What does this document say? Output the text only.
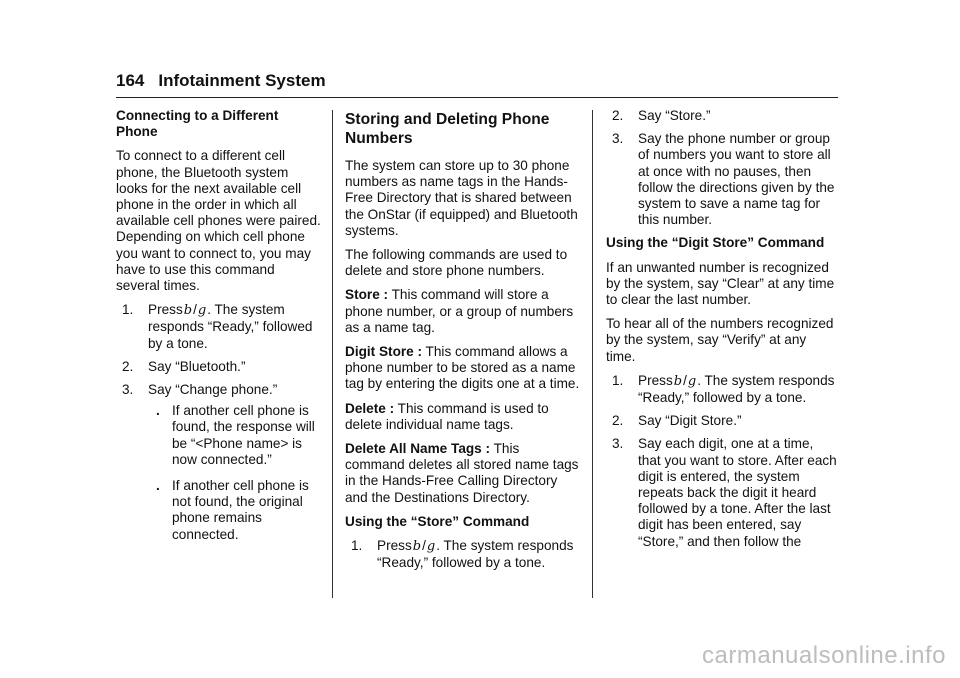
164 Infotainment System

Connecting to a Different Phone

To connect to a different cell phone, the Bluetooth system looks for the next available cell phone in the order in which all available cell phones were paired. Depending on which cell phone you want to connect to, you may have to use this command several times.

1. Pressb/g. The system responds “Ready,” followed by a tone.
2. Say “Bluetooth.”
3. Say “Change phone.”
. If another cell phone is found, the response will be “<Phone name> is now connected.”
. If another cell phone is not found, the original phone remains connected.
Storing and Deleting Phone Numbers

The system can store up to 30 phone numbers as name tags in the Hands-Free Directory that is shared between the OnStar (if equipped) and Bluetooth systems.

The following commands are used to delete and store phone numbers.

Store : This command will store a phone number, or a group of numbers as a name tag.

Digit Store : This command allows a phone number to be stored as a name tag by entering the digits one at a time.

Delete : This command is used to delete individual name tags.

Delete All Name Tags : This command deletes all stored name tags in the Hands-Free Calling Directory and the Destinations Directory.

Using the “Store” Command

1. Pressb/g. The system responds “Ready,” followed by a tone.
2. Say “Store.”
3. Say the phone number or group of numbers you want to store all at once with no pauses, then follow the directions given by the system to save a name tag for this number.

Using the “Digit Store” Command

If an unwanted number is recognized by the system, say “Clear” at any time to clear the last number.

To hear all of the numbers recognized by the system, say “Verify” at any time.

1. Pressb/g. The system responds “Ready,” followed by a tone.
2. Say “Digit Store.”
3. Say each digit, one at a time, that you want to store. After each digit is entered, the system repeats back the digit it heard followed by a tone. After the last digit has been entered, say “Store,” and then follow the
carmanualsonline.info
